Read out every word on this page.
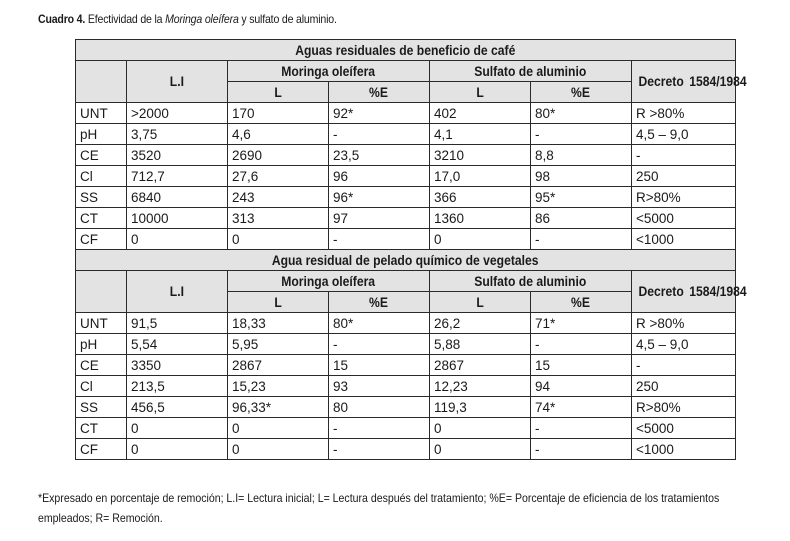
Cuadro 4. Efectividad de la Moringa oleífera y sulfato de aluminio.
Aguas residuales de beneficio de café						
	L.I	Moringa oleífera		Sulfato de aluminio		Decreto 1584/1984
		L	%E	L	%E	
UNT	>2000	170	92*	402	80*	R >80%
pH	3,75	4,6	-	4,1	-	4,5 – 9,0
CE	3520	2690	23,5	3210	8,8	-
Cl	712,7	27,6	96	17,0	98	250
SS	6840	243	96*	366	95*	R>80%
CT	10000	313	97	1360	86	<5000
CF	0	0	-	0	-	<1000
Agua residual de pelado químico de vegetales						
	L.I	Moringa oleífera		Sulfato de aluminio		Decreto 1584/1984
		L	%E	L	%E	
UNT	91,5	18,33	80*	26,2	71*	R >80%
pH	5,54	5,95	-	5,88	-	4,5 – 9,0
CE	3350	2867	15	2867	15	-
Cl	213,5	15,23	93	12,23	94	250
SS	456,5	96,33*	80	119,3	74*	R>80%
CT	0	0	-	0	-	<5000
CF	0	0	-	0	-	<1000
*Expresado en porcentaje de remoción; L.I= Lectura inicial; L= Lectura después del tratamiento; %E= Porcentaje de eficiencia de los tratamientos empleados; R= Remoción.
